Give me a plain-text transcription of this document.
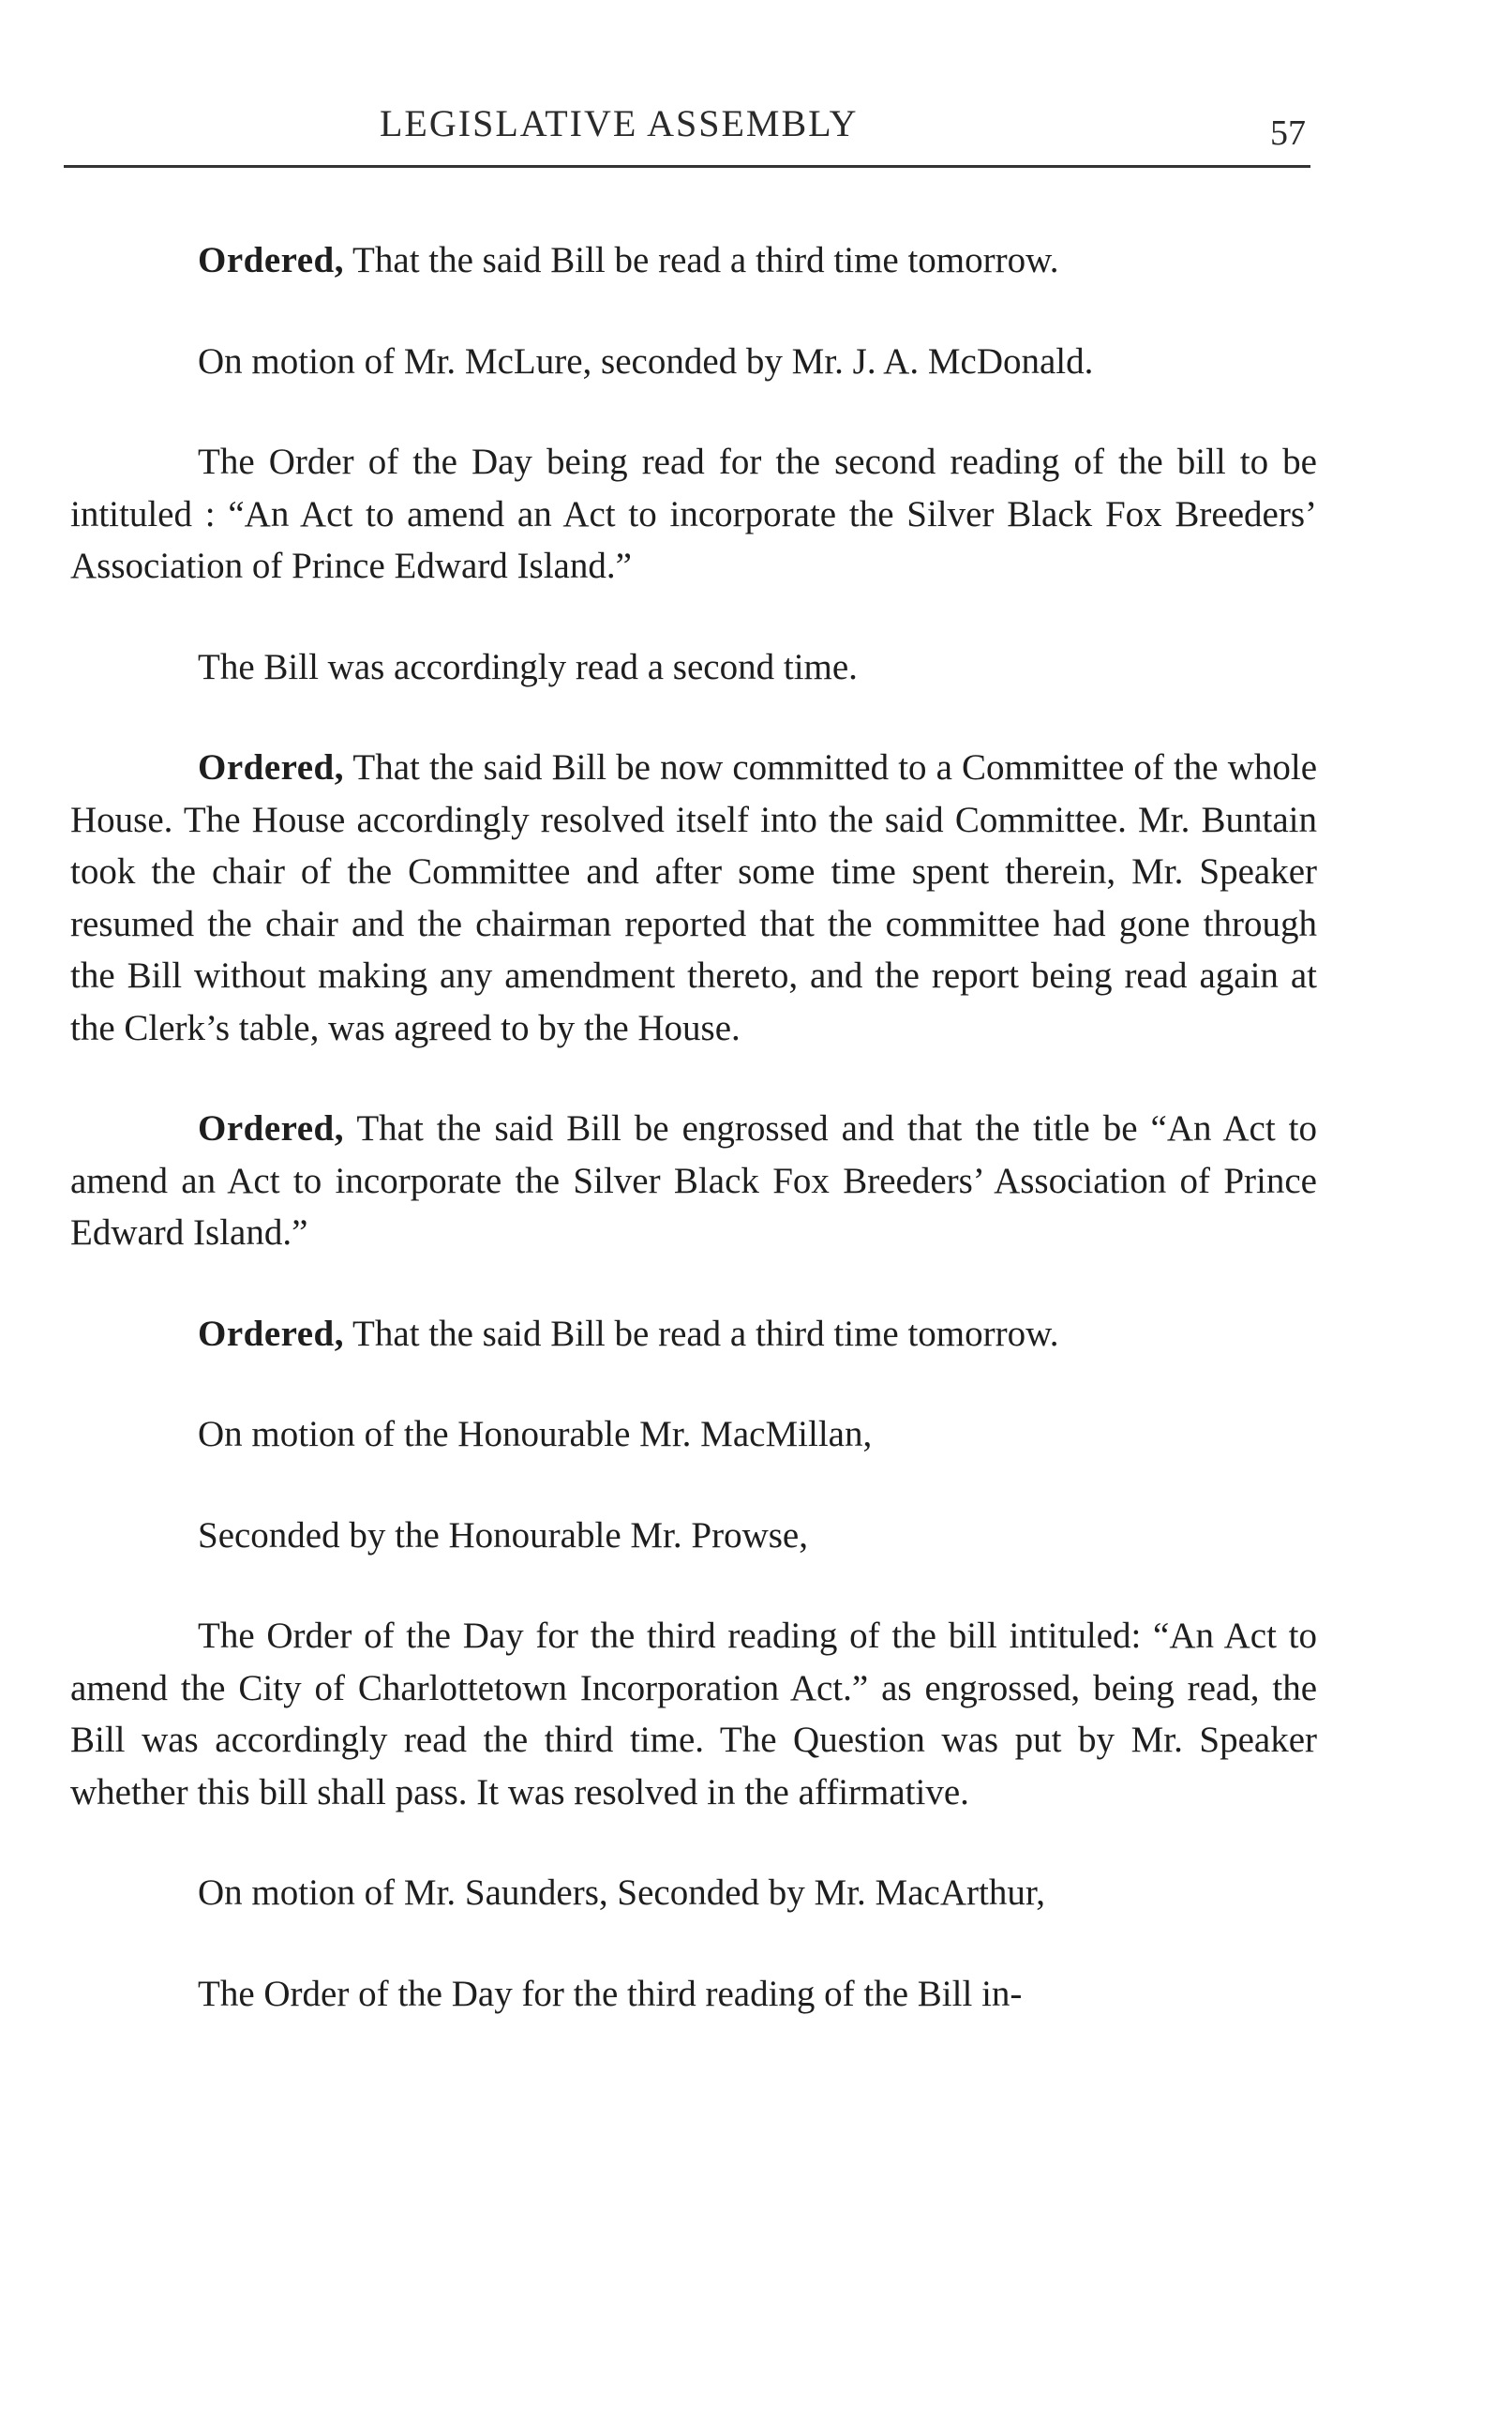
LEGISLATIVE ASSEMBLY	57

Ordered, That the said Bill be read a third time tomorrow.

On motion of Mr. McLure, seconded by Mr. J. A. McDonald.

The Order of the Day being read for the second reading of the bill to be intituled : “An Act to amend an Act to incorporate the Silver Black Fox Breeders’ Association of Prince Edward Island.”

The Bill was accordingly read a second time.

Ordered, That the said Bill be now committed to a Committee of the whole House. The House accordingly resolved itself into the said Committee. Mr. Buntain took the chair of the Committee and after some time spent therein, Mr. Speaker resumed the chair and the chairman reported that the committee had gone through the Bill without making any amendment thereto, and the report being read again at the Clerk’s table, was agreed to by the House.

Ordered, That the said Bill be engrossed and that the title be “An Act to amend an Act to incorporate the Silver Black Fox Breeders’ Association of Prince Edward Island.”

Ordered, That the said Bill be read a third time tomorrow.

On motion of the Honourable Mr. MacMillan,

Seconded by the Honourable Mr. Prowse,

The Order of the Day for the third reading of the bill intituled: “An Act to amend the City of Charlottetown Incorporation Act.” as engrossed, being read, the Bill was accordingly read the third time. The Question was put by Mr. Speaker whether this bill shall pass. It was resolved in the affirmative.

On motion of Mr. Saunders, Seconded by Mr. MacArthur,

The Order of the Day for the third reading of the Bill in-
